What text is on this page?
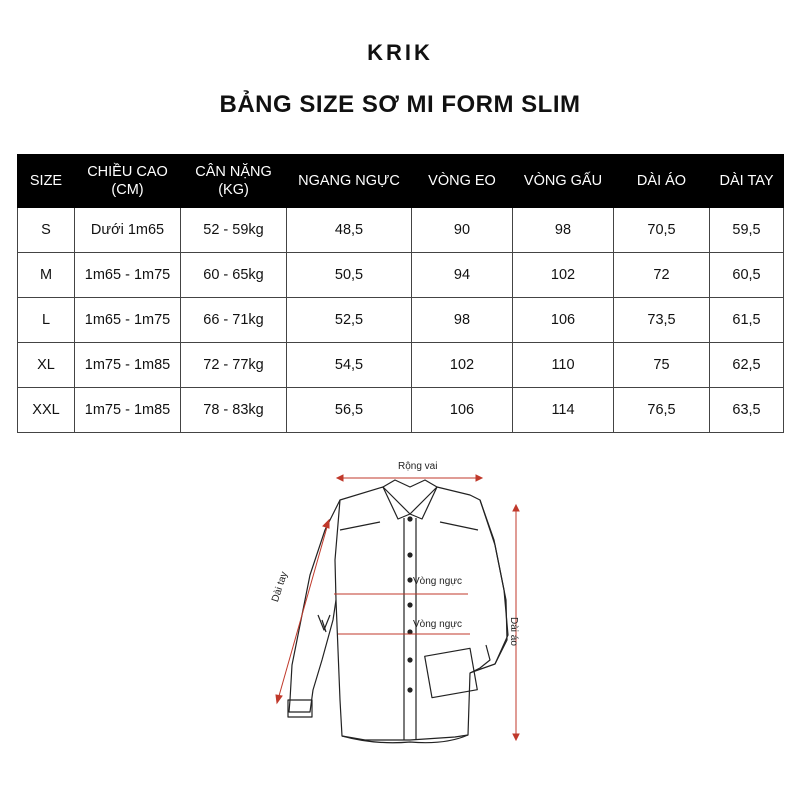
KRIK
BẢNG SIZE SƠ MI FORM SLIM
SIZE	CHIỀU CAO (CM)	CÂN NẶNG (KG)	NGANG NGỰC	VÒNG EO	VÒNG GẤU	DÀI ÁO	DÀI TAY
S	Dưới 1m65	52 - 59kg	48,5	90	98	70,5	59,5
M	1m65 - 1m75	60 - 65kg	50,5	94	102	72	60,5
L	1m65 - 1m75	66 - 71kg	52,5	98	106	73,5	61,5
XL	1m75 - 1m85	72 - 77kg	54,5	102	110	75	62,5
XXL	1m75 - 1m85	78 - 83kg	56,5	106	114	76,5	63,5
Rộng vai
Vòng ngực
Vòng ngực
Dài tay
Dài áo
